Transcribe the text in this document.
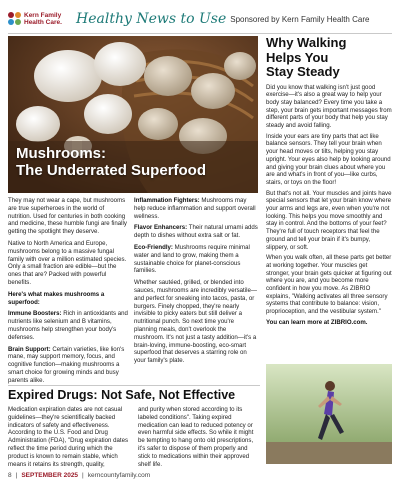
Kern Family
Health Care. Healthy News to Use Sponsored by Kern Family Health Care
Mushrooms:
The Underrated Superfood

They may not wear a cape, but mushrooms are true superheroes in the world of nutrition. Used for centuries in both cooking and medicine, these humble fungi are finally getting the spotlight they deserve.

Native to North America and Europe, mushrooms belong to a massive fungal family with over a million estimated species. Only a small fraction are edible—but the ones that are? Packed with powerful benefits.

Here's what makes mushrooms a superfood:

Immune Boosters: Rich in antioxidants and nutrients like selenium and B vitamins, mushrooms help strengthen your body's defenses.

Brain Support: Certain varieties, like lion's mane, may support memory, focus, and cognitive function—making mushrooms a smart choice for growing minds and busy parents alike.

Inflammation Fighters: Mushrooms may help reduce inflammation and support overall wellness.

Flavor Enhancers: Their natural umami adds depth to dishes without extra salt or fat.

Eco-Friendly: Mushrooms require minimal water and land to grow, making them a sustainable choice for planet-conscious families.

Whether sautéed, grilled, or blended into sauces, mushrooms are incredibly versatile—and perfect for sneaking into tacos, pasta, or burgers. Finely chopped, they're nearly invisible to picky eaters but still deliver a nutritional punch. So next time you're planning meals, don't overlook the mushroom. It's not just a tasty addition—it's a brain-loving, immune-boosting, eco-smart superfood that deserves a starring role on your family's plate.

Why Walking
Helps You
Stay Steady

Did you know that walking isn't just good exercise—it's also a great way to help your body stay balanced? Every time you take a step, your brain gets important messages from different parts of your body that help you stay steady and avoid falling.

Inside your ears are tiny parts that act like balance sensors. They tell your brain when your head moves or tilts, helping you stay upright. Your eyes also help by looking around and giving your brain clues about where you are and what's in front of you—like curbs, stairs, or toys on the floor!

But that's not all. Your muscles and joints have special sensors that let your brain know where your arms and legs are, even when you're not looking. This helps you move smoothly and stay in control. And the bottoms of your feet? They're full of touch receptors that feel the ground and tell your brain if it's bumpy, slippery, or soft.

When you walk often, all these parts get better at working together. Your muscles get stronger, your brain gets quicker at figuring out where you are, and you become more confident in how you move. As ZIBRIO explains, "Walking activates all three sensory systems that contribute to balance: vision, proprioception, and the vestibular system."

You can learn more at ZIBRIO.com.

Expired Drugs: Not Safe, Not Effective
Medication expiration dates are not casual guidelines—they're scientifically backed indicators of safety and effectiveness. According to the U.S. Food and Drug Administration (FDA), "Drug expiration dates reflect the time period during which the product is known to remain stable, which means it retains its strength, quality,
and purity when stored according to its labeled conditions". Taking expired medication can lead to reduced potency or even harmful side effects. So while it might be tempting to hang onto old prescriptions, it's safer to dispose of them properly and stick to medications within their approved shelf life.
8 | SEPTEMBER 2025 | kerncountyfamily.com
